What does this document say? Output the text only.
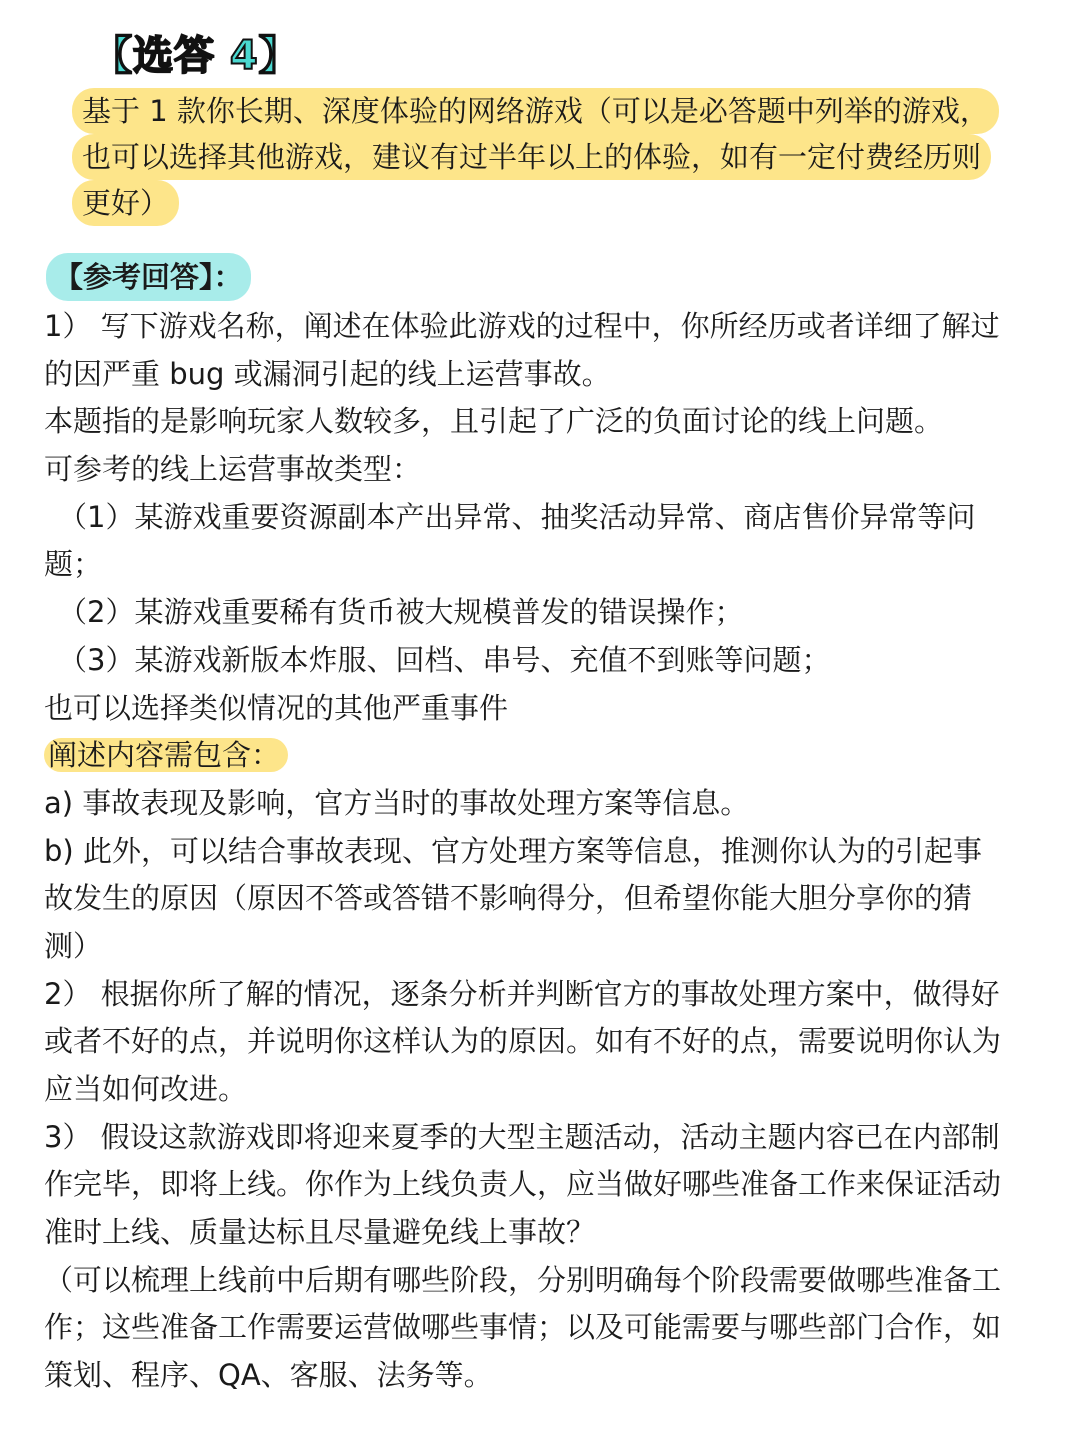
【选答 4】
基于 1 款你长期、深度体验的网络游戏（可以是必答题中列举的游戏，
也可以选择其他游戏，建议有过半年以上的体验，如有一定付费经历则
更好）
【参考回答】：
1） 写下游戏名称，阐述在体验此游戏的过程中，你所经历或者详细了解过
的因严重 bug 或漏洞引起的线上运营事故。
本题指的是影响玩家人数较多，且引起了广泛的负面讨论的线上问题。
可参考的线上运营事故类型：
（1）某游戏重要资源副本产出异常、抽奖活动异常、商店售价异常等问
题；
（2）某游戏重要稀有货币被大规模普发的错误操作；
（3）某游戏新版本炸服、回档、串号、充值不到账等问题；
也可以选择类似情况的其他严重事件
阐述内容需包含：
a) 事故表现及影响，官方当时的事故处理方案等信息。
b) 此外，可以结合事故表现、官方处理方案等信息，推测你认为的引起事
故发生的原因（原因不答或答错不影响得分，但希望你能大胆分享你的猜
测）
2） 根据你所了解的情况，逐条分析并判断官方的事故处理方案中，做得好
或者不好的点，并说明你这样认为的原因。如有不好的点，需要说明你认为
应当如何改进。
3） 假设这款游戏即将迎来夏季的大型主题活动，活动主题内容已在内部制
作完毕，即将上线。你作为上线负责人，应当做好哪些准备工作来保证活动
准时上线、质量达标且尽量避免线上事故？
（可以梳理上线前中后期有哪些阶段，分别明确每个阶段需要做哪些准备工
作；这些准备工作需要运营做哪些事情；以及可能需要与哪些部门合作，如
策划、程序、QA、客服、法务等。
